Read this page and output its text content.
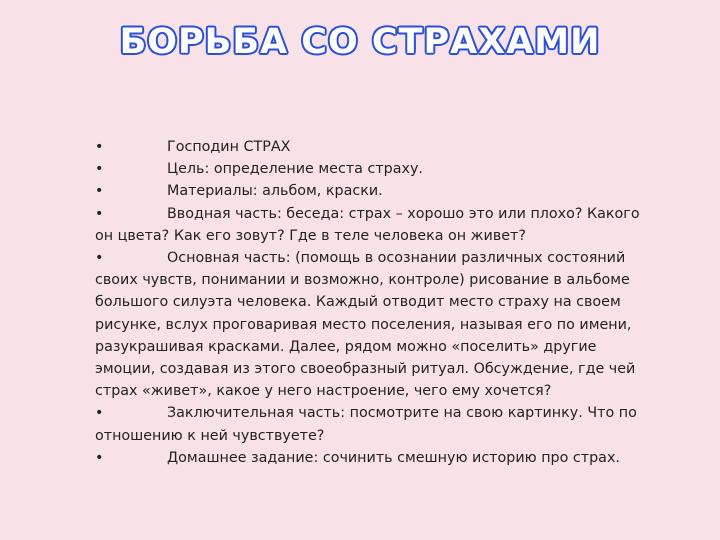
БОРЬБА СО СТРАХАМИ

•	Господин СТРАХ

•	Цель: определение места страху.

•	Материалы: альбом, краски.

•	Вводная часть: беседа: страх – хорошо это или плохо? Какого он цвета? Как его зовут? Где в теле человека он живет?

•	Основная часть: (помощь в осознании различных состояний своих чувств, понимании и возможно, контроле) рисование в альбоме большого силуэта человека. Каждый отводит место страху на своем рисунке, вслух проговаривая место поселения, называя его по имени, разукрашивая красками. Далее, рядом можно «поселить» другие эмоции, создавая из этого своеобразный ритуал. Обсуждение, где чей страх «живет», какое у него настроение, чего ему хочется?

•	Заключительная часть: посмотрите на свою картинку. Что по отношению к ней чувствуете?

•	Домашнее задание: сочинить смешную историю про страх.
